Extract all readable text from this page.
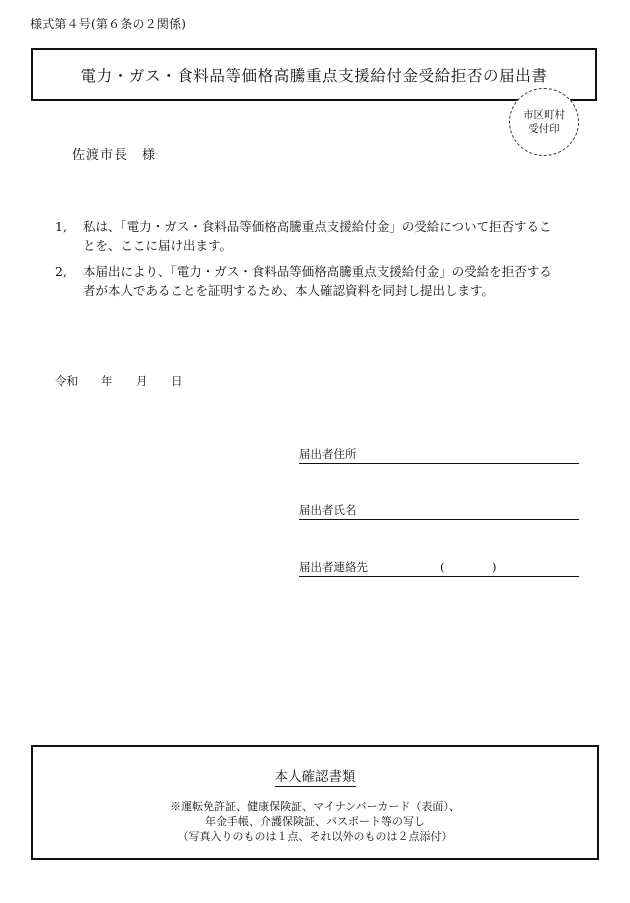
様式第４号(第６条の２関係)
電力・ガス・食料品等価格高騰重点支援給付金受給拒否の届出書
市区町村
受付印
佐渡市長　様
1, 私は、「電力・ガス・食料品等価格高騰重点支援給付金」の受給について拒否することを、ここに届け出ます。
2, 本届出により、「電力・ガス・食料品等価格高騰重点支援給付金」の受給を拒否する者が本人であることを証明するため、本人確認資料を同封し提出します。
令和 年 月 日
届出者住所
届出者氏名
届出者連絡先	(	)
本人確認書類
※運転免許証、健康保険証、マイナンバーカード（表面）、
年金手帳、介護保険証、パスポート等の写し
（写真入りのものは１点、それ以外のものは２点添付）
